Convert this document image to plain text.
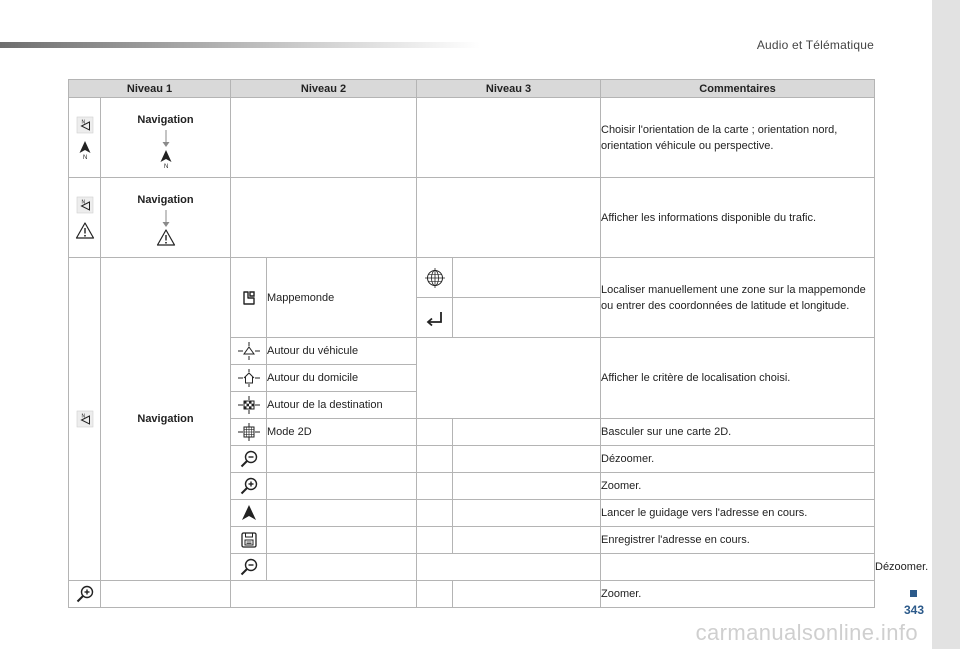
Audio et Télématique
343
carmanualsonline.info
Niveau 1		Niveau 2		Niveau 3		Commentaires	

Navigation					Choisir l'orientation de la carte ; orientation nord, orientation véhicule ou perspective.	

Navigation					Afficher les informations disponible du trafic.	
	Navigation		Mappemonde			Localiser manuellement une zone sur la mappemonde ou entrer des coordonnées de latitude et longitude.	

	Autour du véhicule			Afficher le critère de localisation choisi.	
	Autour du domicile				
	Autour de la destination				
	Mode 2D			Basculer sur une carte 2D.	
				Dézoomer.	
				Zoomer.	
				Lancer le guidage vers l'adresse en cours.	
				Enregistrer l'adresse en cours.	
					Dézoomer.
					Zoomer.	
